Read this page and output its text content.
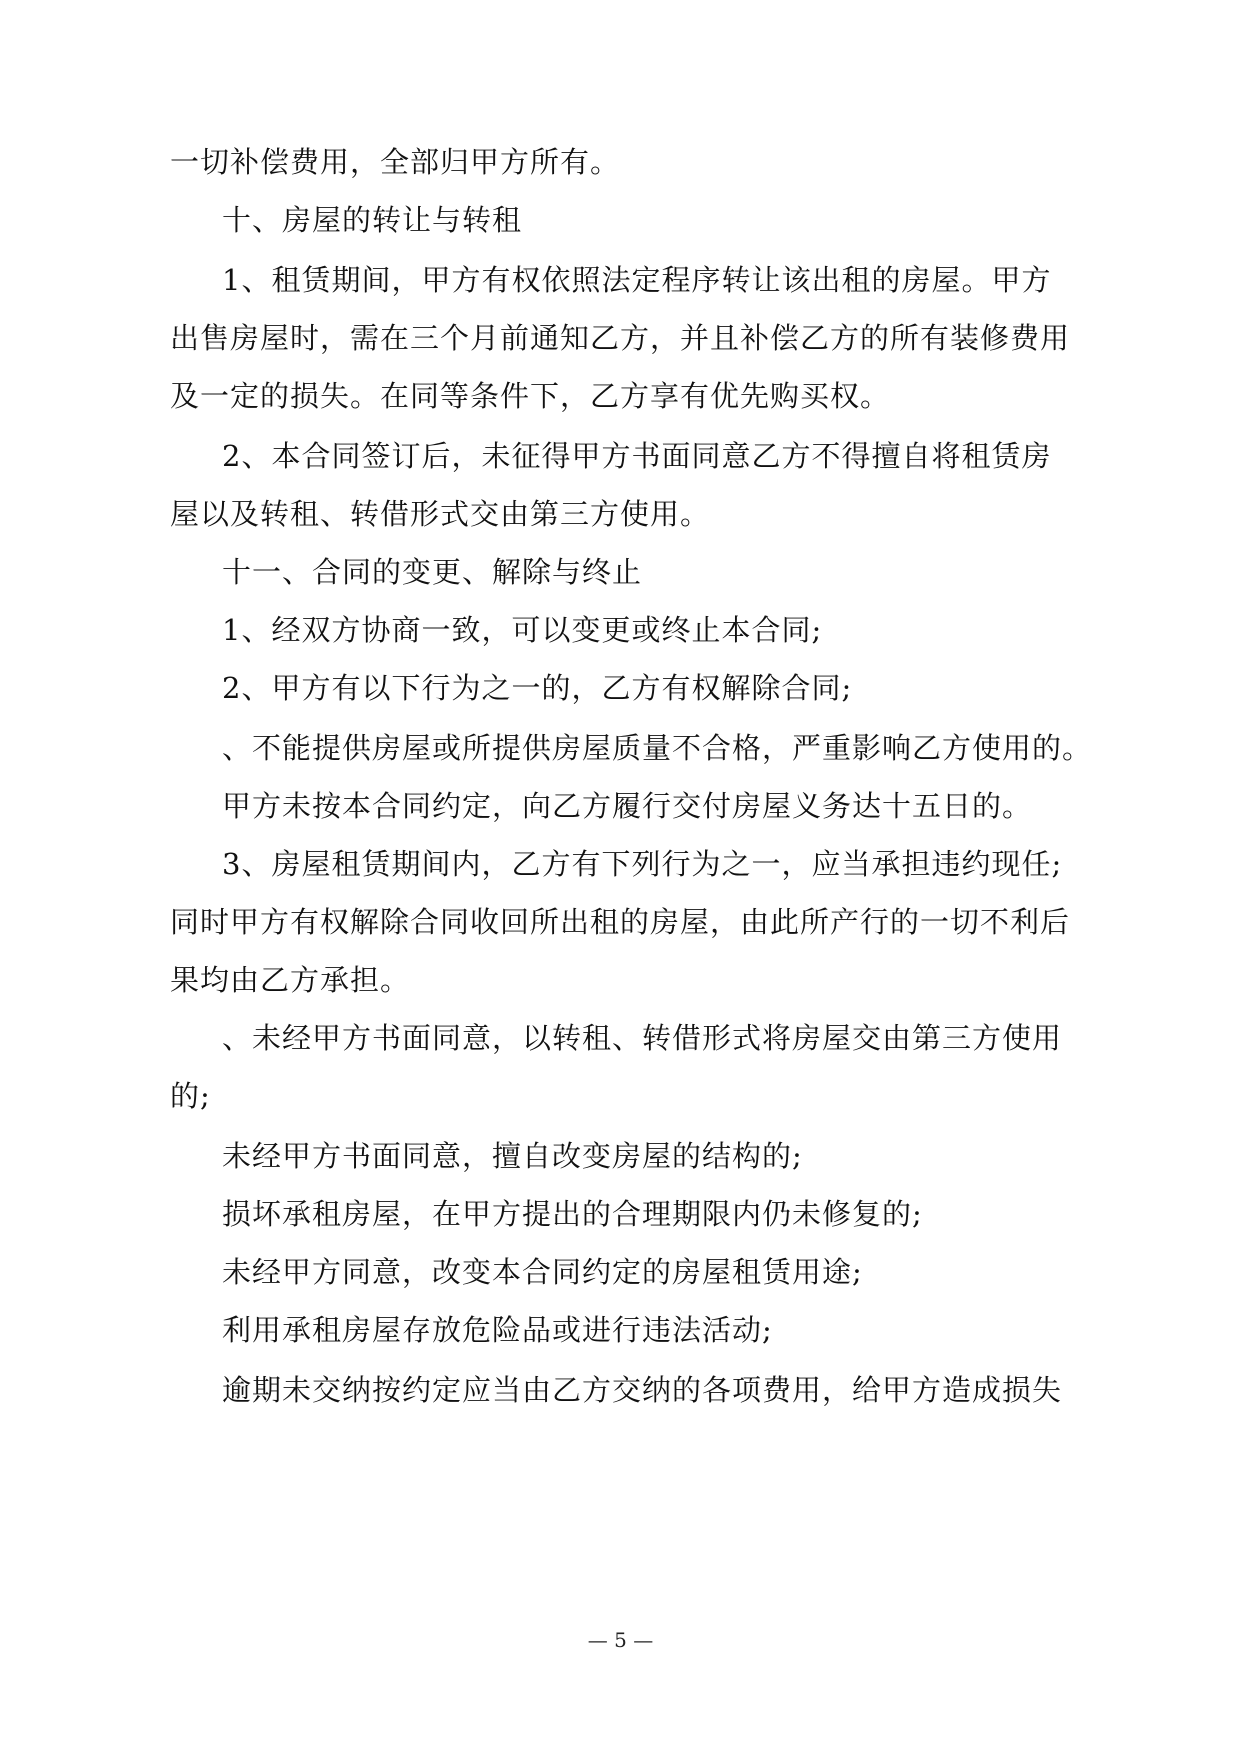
一切补偿费用，全部归甲方所有。
十、房屋的转让与转租
1、租赁期间，甲方有权依照法定程序转让该出租的房屋。甲方
出售房屋时，需在三个月前通知乙方，并且补偿乙方的所有装修费用
及一定的损失。在同等条件下，乙方享有优先购买权。
2、本合同签订后，未征得甲方书面同意乙方不得擅自将租赁房
屋以及转租、转借形式交由第三方使用。
十一、合同的变更、解除与终止
1、经双方协商一致，可以变更或终止本合同;
2、甲方有以下行为之一的，乙方有权解除合同;
、不能提供房屋或所提供房屋质量不合格，严重影响乙方使用的。
甲方未按本合同约定，向乙方履行交付房屋义务达十五日的。
3、房屋租赁期间内，乙方有下列行为之一，应当承担违约现任;
同时甲方有权解除合同收回所出租的房屋，由此所产行的一切不利后
果均由乙方承担。
、未经甲方书面同意，以转租、转借形式将房屋交由第三方使用
的;
未经甲方书面同意，擅自改变房屋的结构的;
损坏承租房屋，在甲方提出的合理期限内仍未修复的;
未经甲方同意，改变本合同约定的房屋租赁用途;
利用承租房屋存放危险品或进行违法活动;
逾期未交纳按约定应当由乙方交纳的各项费用，给甲方造成损失
— 5 —
